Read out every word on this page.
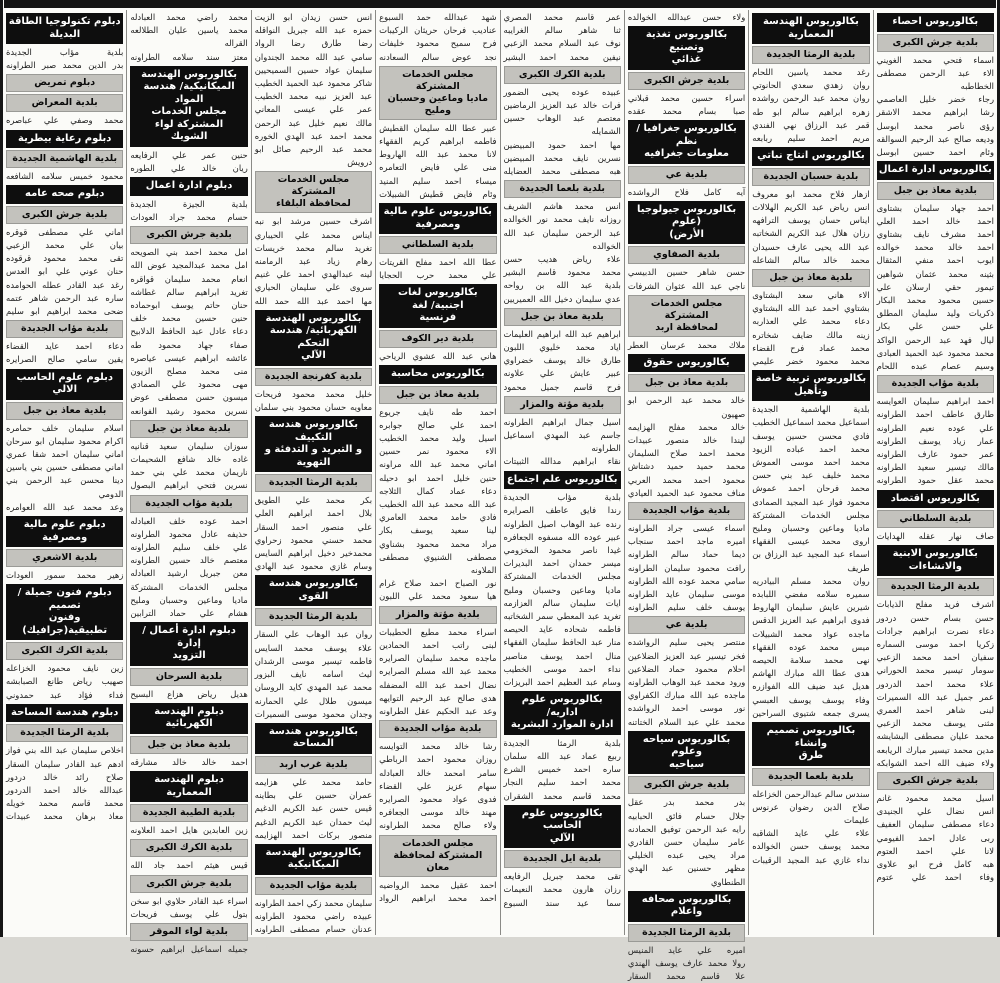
بكالوريوس احصاء
بلدية جرش الكبرى
اسماء فتحي محمد الغويني
الاء عبد الرحمن مصطفى الخطاطبه
رجاء خضر خليل العاصمي
رشا ابراهيم محمد الاشقر
رؤى ناصر محمد ابوسل
وديعه صالح عبد الرحيم السوالقه
وئام احمد حسين ابوسل
بكالوريوس ادارة اعمال
بلدية معاذ بن جبل
احمد جهاد سليمان بشتاوى
احمد خالد احمد العلي
احمد مشرف نايف بشتاوي
احمد خالد محمد خوالده
ايوب احمد منفي المثقال
بثينه محمد عثمان شواهين
تيمور حقي ارسلان علي
حسين محمود محمد البكار
ذكريات وليد سليمان المطلق
علي حسن علي بكار
ليال فهد عبد الرحمن الواكد
محمد محمود عبد الحميد العبادى
وسيم عصام عبده اللحام
بلدية مؤاب الجديدة
احمد ابراهيم سليمان العوايسه
طارق عاطف احمد الطراونه
علي عوده نعيم الطراونه
عمار زياد يوسف الطراونه
عمر حمود عارف الطراونه
مالك تيسير سعيد الطراونه
محمد عقل حمود الطراونه
بكالوريوس اقتصاد
بلدية السلطاني
صاف نهار عقله الهدايات
بكالوريوس الابنية
والانشاءات
بلدية الرمثا الجديدة
اشرف فريد مفلح الذيابات
حسن بسام حسن دردور
دعاء نصرت ابراهيم جرادات
زكريا احمد موسى السماره
سفيان احمد محمد الزعبي
سومار تيسير محمد الحوراني
علاء محمد احمد الدردور
عمر جميل عبد الله السميرات
لبنى شاهر احمد العمري
مثنى يوسف محمد الزعبي
محمد عليان مصطفى البشايشه
مدين محمد تيسير مبارك الريابعه
ولاء ضيف الله احمد الشوابكه
بلدية جرش الكبرى
اسيل محمد محمود غانم
انس نضال علي الجنيدى
دعاء مصطفى سليمان العفيف
ربى عادل احمد الفيومي
لانا علي احمد العتوم
هبه كامل فرح ابو علاوى
وفاء احمد علي عتوم
بكالوريوس الهندسة المعمارية
بلدية الرمثا الجديدة
رغد محمد ياسين اللحام
روان زهدي سعدي الحانوتي
روان محمد عبد الرحمن رواشده
زهره ابراهيم سالم ابو طه
قمر عبد الرزاق نهي الفندي
مريم احمد سليم ربابعه
بكالوريوس انتاج نباتي
بلدية حسبان الجديدة
ازهار فلاح محمد ابو معروف
انس رياض عبد الكريم الهلالات
ايناس حسان يوسف الترافهه
رزان هلال عبد الكريم الشخاتبه
عبد الله يحيى عارف حسيدان
محمد خالد سالم الشاعله
بلدية معاذ بن جبل
الاء هاني سعد البشتاوى
بشتاوي احمد عبد الله البشتاوي
دعاء محمد علي العذاربه
زينه مالك ضايف شخاتره
محمد عماد فرح القضاء
محمد محمود خضر عليمي
بكالوريوس تربية خاصة
وتأهيل
بلدية الهاشمية الجديدة
اسماعيل محمد اسماعيل الخطيب
فادي محسن حسين يوسف
محمد احمد عباده الزيود
محمد احمد موسى العموش
محمد خليف عبد بني حسن
محمد فرحان احمد عموش
محمود فواز عبد المجيد الصمادى
مجلس الخدمات المشتركة
ماديا وماعين وحسبان ومليح
اروى محمد عيسى الفقهاء
اسماء عبد المجيد عبد الرزاق بن طريف
روان محمد مسلم البيادريه
سميره سلامه مفضي اللبابده
شيرين عايش سليمان الهاروط
فدوى ابراهيم عبد العزيز الدقس
ماجده عواد محمد الشبيلات
ميس محمد عوده الفقهاء
نهى محمد سلامة الحيصه
هدى عطا الله مبارك الهاشم
هديل عبد ضيف الله الفوازره
وفاء يوسف يوسف العبسي
يسرى جمعه شتيوى السراحين
بكالوريوس تصميم وانشاء
طرق
بلدية بلعما الجديدة
سندس سالم عبدالرحمن الخزاعله
صلاح الدين رضوان عرنوس عليمات
علاء علي عايد الشاقبه
محمد يوسف حسن الخوالده
نداء غازي عبد المجيد الرقيبات
ولاء حسن عبدالله الخوالده
بكالوريوس تغذية وتصنيع
غذائي
بلدية جرش الكبرى
اسراء حسين محمد قبلاني
صبا بسام محمد عقده
بكالوريوس جغرافيا / نظم
معلومات جغرافيه
بلدية عي
آيه كامل فلاح الرواشده
بكالوريوس جيولوجيا (علوم
الأرض)
بلدية الصفاوي
حسن شاهر حسين الدبيسي
ناجي عبد الله عثوان الشرفات
مجلس الخدمات المشتركة
لمحافظة اربد
ملاك محمد عرسان العطر
بكالوريوس حقوق
بلدية معاذ بن جبل
خالد محمد عبد الرحمن ابو صهيون
خالد محمد مفلح الهزايمه
ليندا خالد منصور عبيدات
محمد احمد صلاح السليمان
محمد حميد حميد دشتاش
محمود احمد محمد العربي
مناف محمود عبد الحميد العيادي
بلدية مؤاب الجديدة
اسماء عيسى جراد الطراونه
اميره ماجد احمد سنجاب
ديما حماد سالم الطراونه
رافت محمود سليمان الطراونه
سامي محمد عوده الله الطراونه
موسى سليمان عايد الطراونه
يوسف خلف سليم الطراونه
بلدية عي
منتصر يحيى سليم الرواشده
فخر تيسير عبد العزيز الضلاعين
احلام محمود حماد الضلاعين
ورود محمد عبد الوهاب الطراونه
ماجده عبد الله مبارك الكفراوي
نور موسى احمد الرواشده
محمد علي عبد السلام الختاتنه
بكالوريوس سياحه وعلوم
سياحيه
بلدية جرش الكبرى
بدر محمد بدر عقل
جلال حسام فائق الحبابيه
رايه عبد الرحمن توفيق الحمادنه
عامر سليمان حسن القادري
مراد يحيى عبده الخليلي
مظهر حسنين عبد الهدي الطنطاوي
بكالوريوس صحافه واعلام
بلدية الرمثا الجديدة
اميره علي عايد المنيس
رولا محمد عارف يوسف الهندي
علا قاسم محمد السقار
عمر قاسم محمد المصري
ثنا شاهر سالم الغرايبه
نوف عبد السلام محمد الزعبي
نيفين محمد احمد البشير
بلدية الكرك الكبرى
عبيده عوده يحيى الضمور
فرات خالد عبد العزيز الرماضين
معتصم عبد الوهاب حسين الشمايله
مها احمد حمود المبيضين
نسرين نايف محمد المبيضين
هبه مصطفى محمد العضايله
بلدية بلعما الجديدة
انس محمد هاشم الشريف
روزانه نايف محمد نور الخوالده
عبد الرحمن سليمان عبد الله الخوالده
علاء رياض هديب حسن
محمد محمود قاسم البشير
بلدية عبد الله بن رواحه
عدي سليمان دخيل الله العميريين
بلدية معاذ بن جبل
ابراهيم عبد الله ابراهيم العليمات
اياد محمد خليوي اللبون
طارق خالد يوسف خضراوي
عبير عايش علي علاونه
فرح قاسم جميل محمود
بلدية مؤتة والمزار
اسيل جمال ابراهيم الطراونه
جاسم عبد المهدي اسماعيل الطراونه
نقاء ابراهيم مدالله الثبيتات
بكالوريوس علم اجتماع
بلدية مؤاب الجديدة
رندا فايق عاطف الصرايره
رنده عبد الوهاب اصيل الطراونه
عبير عوده الله مسفوه الجعافره
غيدا ناصر محمود المخزومي
ميسر حمدان احمد البديرات
مجلس الخدمات المشتركة
ماديا وماعين وحسبان ومليح
ايات سليمان سالم العزازمه
تغريد عبد المعطي سمر الشخاتبه
فاطمه شحاده عايد الحيصه
منار عبد الحافظ سليمان الفقهاء
منال احمد يوسف مناصير
نداء احمد موسى الخطيب
وسام عبد العظيم احمد البريزات
بكالوريوس علوم اداريه/
ادارة الموارد البشرية
بلدية الرمثا الجديدة
ربيع عماد عبد الله سلمان
ساره احمد خميس الشرع
محمد احمد سليم النجار
محمد قاسم محمد الشقران
بكالوريوس علوم الحاسب
الآلي
بلدية ايل الجديدة
تقى محمد جبريل الرفايعه
رزان هارون محمد النعيمات
سما عيد سند السبوع
شهد عبدالله حمد السبوع
عناديب فرحان حريثان الركيبات
فرح سميح محمود خليفات
نجد عوض سالم السعادنه
مجلس الخدمات المشتركة
ماديا وماعين وحسبان ومليح
عبير عطا الله سليمان القطيش
فاطمه ابراهيم كريم الفقهاء
لانا محمد عبد الله الهاروط
منى علي فايض التعامره
ميساء احمد سليم المنيد
وئام فايض قطيش الشبيلات
بكالوريوس علوم مالية
ومصرفية
بلدية السلطاني
عطا الله احمد مفلح القريتات
علي محمد حرب الحجايا
بكالوريوس لغات اجنبية/ لغة
فرنسية
بلدية دير الكوف
هاني عبد الله عشوي الرياحي
بكالوريوس محاسبة
بلدية معاذ بن جبل
احمد طه نايف جريوع
احمد علي صالح جوابره
اسيل وليد محمد الخطيب
الاء محمود نمر حسين
اماني محمد عبد الله مراونه
حنين خليل احمد ابو دحيله
دعاء عماد كمال الثلاجه
عبد الله محمد عبد الله الخطيب
فادي حامد محمد العامري
لينا سعيد يوسف بكار
مراد محمد محمود بشناوي
مصطفى الشنيوي مصطفى الملاونه
نور الصباح احمد صلاح غرام
هيا سعود محمد علي اللبون
بلدية مؤتة والمزار
اسراء محمد مطيع الحطيبات
لبنى راتب احمد الحمادين
ماجده محمد سليمان الصرايره
محمد عبد الله مسلم الصرايره
نضال احمد عبد الله المضفله
هدى صالح عبد الرحيم التوايهه
وعد عبد الحكيم عقل الطراونه
بلدية مؤاب الجديدة
رشا خالد محمد التوايسه
روزان محمود احمد الرباطي
سامر امحمد خالد العبادله
سهام عزيز علي القضاء
فدوى عواد محمود الصرايره
مهند خالد موسى الجعافره
ولاء صالح محمد الطراونه
مجلس الخدمات
المشتركة لمحافظة معان
احمد عقيل محمد الرواضيه
احمد محمد ابراهيم الرواد
انس حسن زيدان ابو الزيت
حمزه عبد الله جبريل النواقله
رضا طارق رضا الرواد
سامي عبد الله محمد الجندوان
سليمان عواد حسين السميحيين
شاكر محمود عبد الحميد الخطيب
عبد العزيز نبيه محمد الخطيب
عمر علي عيسى المعاني
مالك نعيم خليل عبد الرحمن
محمد احمد عبد الهدي الخوره
محمد عبد الرحيم صائل ابو درويش
مجلس الخدمات المشتركة
لمحافظة البلقاء
اشرف حسين مرشد ابو نبه
ايناس محمد علي الحيباري
تغريد سالم محمد خريسات
رهام زياد عبد الرمامنه
لينه عبدالهدي احمد علي غنيم
سروى علي سليمان الحياري
مها احمد عبد الله حمد الله
بكالوريوس الهندسة
الكهربائية/ هندسة التحكم
الآلي
بلدية كفرنجة الجديدة
خليل محمد محمود فريحات
معاويه حسان محمود بني سلمان
بكالوريوس هندسة التكييف
و التبريد و التدفئة و التهوية
بلدية الرمثا الجديدة
بكر محمد علي الطويق
بلال احمد ابراهيم العلي
علي منصور احمد السقار
محمد حسني محمود زحراوي
محمدخير دخيل ابراهيم السايس
وسام غازي محمود عبد الهادي
بكالوريوس هندسة القوى
بلدية الرمثا الجديدة
روان عبد الوهاب علي السقار
علاء يوسف محمد السايس
فاطمه تيسير موسى الرشدان
ليث اسامه نايف البزور
محمد عبد المهدي كايد الروسان
ميسون طلال علي الحمارنه
وجدان محمود موسى السميرات
بكالوريوس هندسة المساحة
بلدية غرب اربد
حامد محمد علي هزايمه
عمران حسين علي بطاينه
قيس حسن عبد الكريم الدغيم
ليث حمدان عبد الكريم الدغيم
منصور بركات احمد الهزايمه
بكالوريوس الهندسة
الميكانيكية
بلدية مؤاب الجديدة
سليمان محمد زكي احمد الطراونه
عبيده راضي محمود الطراونه
عدنان حسام مصطفى الطراونه
محمد راضي محمد العبادله
محمد ياسين عليان الطلالعه القراله
معتز سند سلامه الطراونه
بكالوريوس الهندسة
الميكانيكية/ هندسة المواد
مجلس الخدمات المشتركة لواء
الشويك
حنين عمر علي الرفايعه
ريان خالد علي الطوره
دبلوم ادارة اعمال
بلدية الجيزة الجديدة
حسام محمد جراد العودات
بلدية جرش الكبرى
امل محمد احمد بني الصويحه
امل محمد عبدالمجيد عوض الله
انعام محمد سليمان قواقره
تغريد ابراهيم سالم غطاشه
حنان حاتم يوسف ابوحماده
حنين حسين محمد خلف
دعاء عادل عبد الحافظ الدلابيح
صفاء جهاد محمود طه
عائشه ابراهيم عيسى عياصره
منى محمد مصلح الزيون
مهى محمود علي الصمادي
ميسون حسن مصطفى عوض
نسرين محمود رشيد الفوانعه
بلدية معاذ بن جبل
سوزان سليمان سعيد قنانيه
غاده خالد شافع الشحيمات
ناريمان محمد علي بني حمد
نسرين فتحي ابراهيم البصول
بلدية مؤاب الجديدة
احمد عوده خلف العبادله
حذيفه عادل محمود الطراونه
علي خلف سليم الطراونه
معتصم خالد حسين الطراونه
معن جبريل ارشيد العبادله
مجلس الخدمات المشتركة
ماديا وماعين وحسبان ومليح
هشام علي حماد الترابين
دبلوم ادارة أعمال / إدارة
التزويد
بلدية السرحان
هديل رياض هزاع البسيح
دبلوم الهندسة الكهربائية
بلدية معاذ بن جبل
احمد خالد خالد مشارقه
دبلوم الهندسة المعمارية
بلدية الطيبة الجديدة
زين العابدين هايل احمد العلاونه
بلدية الكرك الكبرى
قيس هيثم احمد جاد الله
بلدية جرش الكبرى
اسراء عبد القادر حلاوي ابو سخن
بتول علي يوسف فريحات
بلدية لواء الموقر
جميله اسماعيل ابراهيم حسونه
دبلوم تكنولوجيا الطاقة
البديلة
بلدية مؤاب الجديدة
بدر الدين محمد صبر الطراونه
دبلوم تمريض
بلدية المعراض
محمد وصفي علي عباصره
دبلوم رعاية بيطرية
بلدية الهاشمية الجديدة
محمود خميس سلامه الشافعه
دبلوم صحه عامه
بلدية جرش الكبرى
اماني علي مصطفى قوقره
بيان علي محمد الزعبي
تقى محمد محمود قرقوده
حنان عوني علي ابو العدس
رغد عبد القادر عطله الحوامده
ساره عبد الرحمن شاهر عتمه
ضحى محمد ابراهيم ابو سليم
بلدية مؤاب الجديدة
دعاء احمد عايد القضاء
يقين سامي صالح الصرايره
دبلوم علوم الحاسب الالي
بلدية معاذ بن جبل
اسلام سليمان خلف حمامره
اكرام محمود سليمان ابو سرحان
اماني سليمان احمد شقا عمري
اماني مصطفى حسين بني ياسين
دينا محسن عبد الرحمن بني الدومي
وعد محمد عبد الله العوامره
دبلوم علوم مالية ومصرفية
بلدية الاشعري
زهير محمد سمور العودات
دبلوم فنون جميلة /تصميم
وفنون تطبيقية(جرافيك)
بلدية الكرك الكبرى
زين نايف محمود الخزاعله
صهيب رياض طانع الصبابشه
فداء فؤاد عبد حمدوني
دبلوم هندسة المساحة
بلدية الرمثا الجديدة
اخلاص سليمان عبد الله بني فواز
ادهم عبد القادر سليمان السقار
صلاح رائد خالد دردور
عبدالله خالد احمد الدردور
محمد قاسم محمد خويله
معاذ برهان محمد عبيدات
